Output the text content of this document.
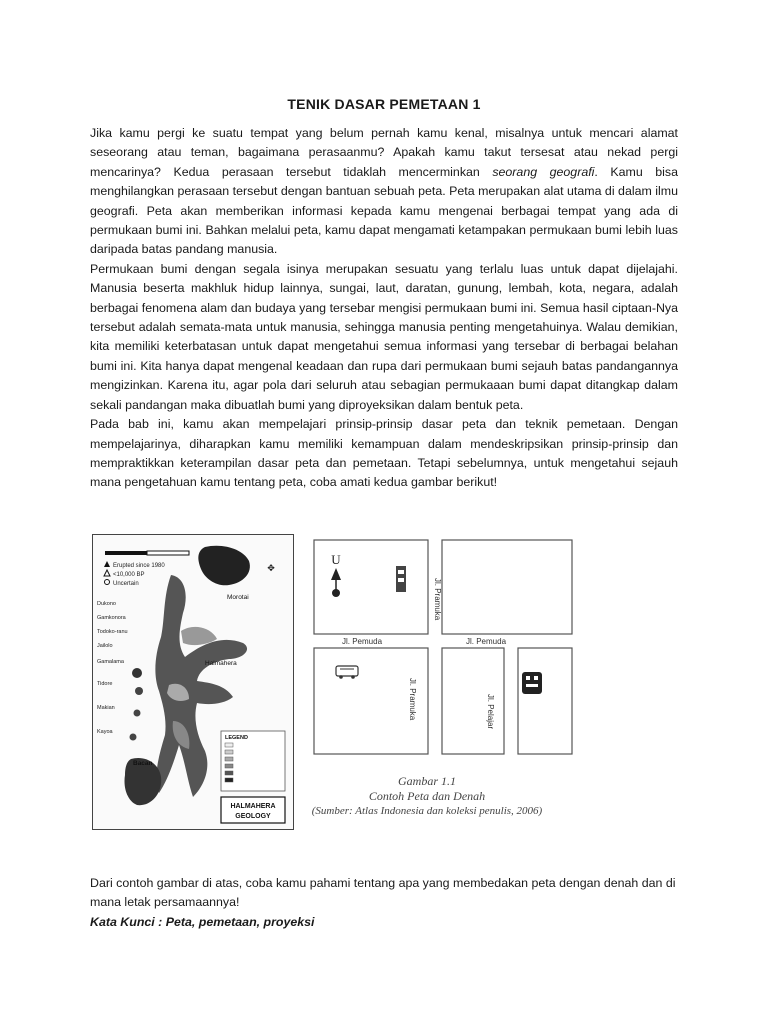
TENIK DASAR PEMETAAN 1

Jika kamu pergi ke suatu tempat yang belum pernah kamu kenal, misalnya untuk mencari alamat seseorang atau teman, bagaimana perasaanmu? Apakah kamu takut tersesat atau nekad pergi mencarinya? Kedua perasaan tersebut tidaklah mencerminkan seorang geografi. Kamu bisa menghilangkan perasaan tersebut dengan bantuan sebuah peta. Peta merupakan alat utama di dalam ilmu geografi. Peta akan memberikan informasi kepada kamu mengenai berbagai tempat yang ada di permukaan bumi ini. Bahkan melalui peta, kamu dapat mengamati ketampakan permukaan bumi lebih luas daripada batas pandang manusia.

Permukaan bumi dengan segala isinya merupakan sesuatu yang terlalu luas untuk dapat dijelajahi. Manusia beserta makhluk hidup lainnya, sungai, laut, daratan, gunung, lembah, kota, negara, adalah berbagai fenomena alam dan budaya yang tersebar mengisi permukaan bumi ini. Semua hasil ciptaan-Nya tersebut adalah semata-mata untuk manusia, sehingga manusia penting mengetahuinya. Walau demikian, kita memiliki keterbatasan untuk dapat mengetahui semua informasi yang tersebar di berbagai belahan bumi ini. Kita hanya dapat mengenal keadaan dan rupa dari permukaan bumi sejauh batas pandangannya mengizinkan. Karena itu, agar pola dari seluruh atau sebagian permukaaan bumi dapat ditangkap dalam sekali pandangan maka dibuatlah bumi yang diproyeksikan dalam bentuk peta.

Pada bab ini, kamu akan mempelajari prinsip-prinsip dasar peta dan teknik pemetaan. Dengan mempelajarinya, diharapkan kamu memiliki kemampuan dalam mendeskripsikan prinsip-prinsip dan mempraktikkan keterampilan dasar peta dan pemetaan. Tetapi sebelumnya, untuk mengetahui sejauh mana pengetahuan kamu tentang peta, coba amati kedua gambar berikut!

Erupted since 1980
<10,000 BP
Uncertain
✥
Morotai
Halmahera
Bacan
Dukono
Gamkonora
Todoko-ranu
Jailolo
Gamalama
Tidore
Makian
Kayoa
LEGEND
HALMAHERA
GEOLOGY
U
Jl. Pemuda	Jl. Pemuda
Jl. Pramuka
Jl. Pramuka	Jl. Pelajar
Gambar 1.1
Contoh Peta dan Denah
(Sumber: Atlas Indonesia dan koleksi penulis, 2006)

Dari contoh gambar di atas, coba kamu pahami tentang apa yang membedakan peta dengan denah dan di mana letak persamaannya!

Kata Kunci : Peta, pemetaan, proyeksi
